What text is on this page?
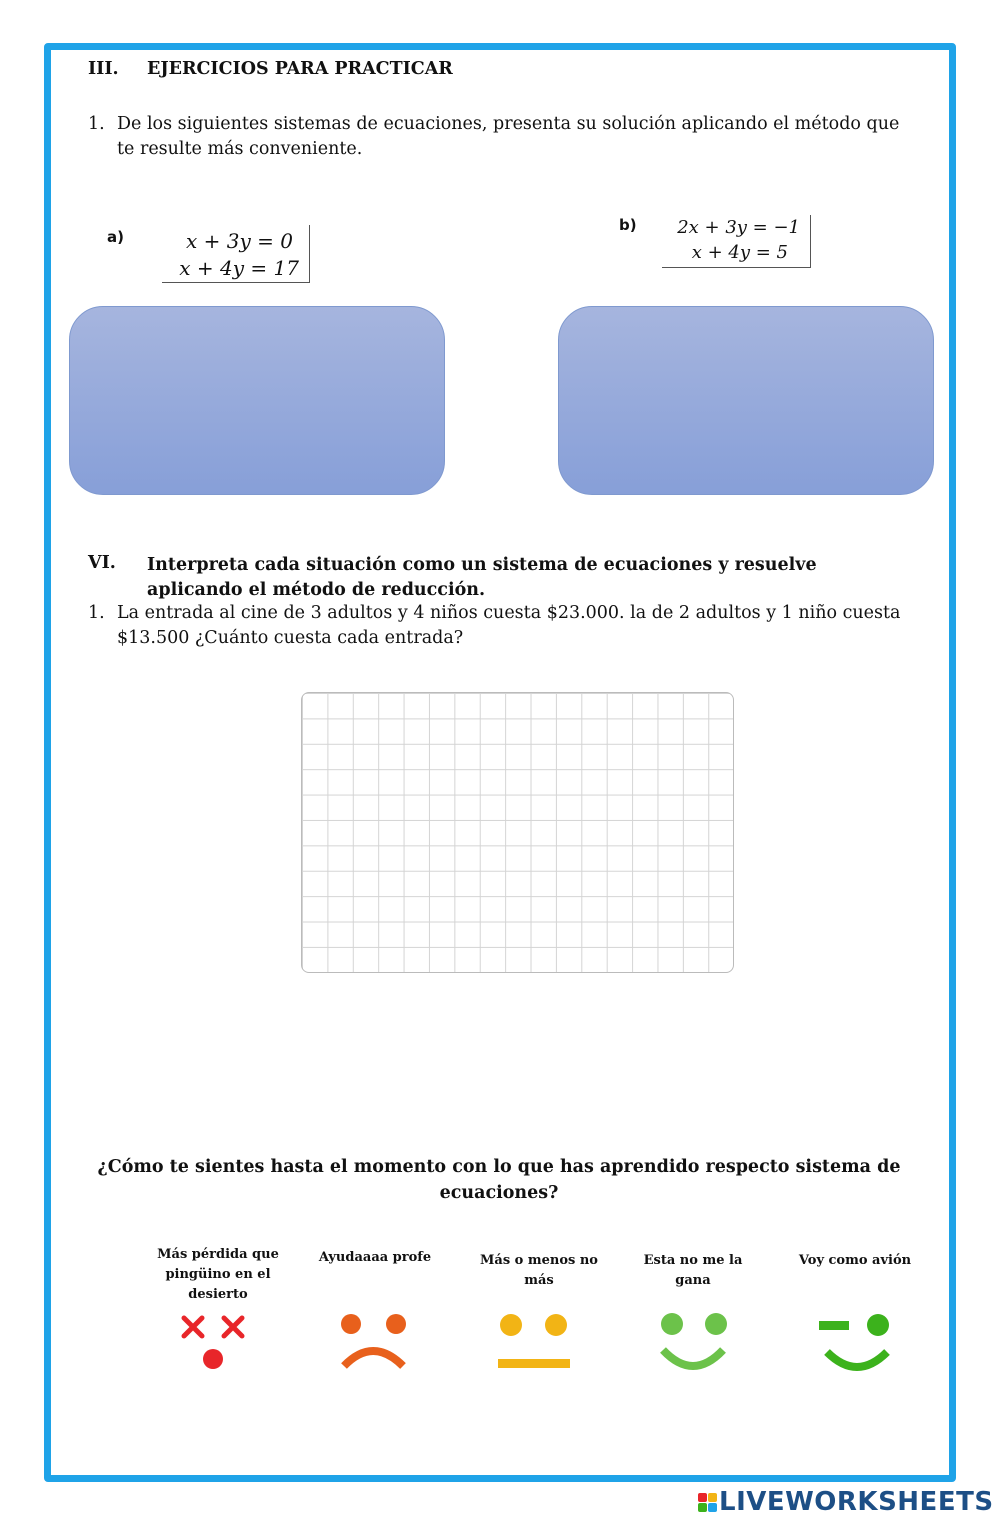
III. EJERCICIOS PARA PRACTICAR
1. De los siguientes sistemas de ecuaciones, presenta su solución aplicando el método que te resulte más conveniente.
a)	x + 3y = 0
x + 4y = 17
b) 2x + 3y = −1
x + 4y = 5
VI. Interpreta cada situación como un sistema de ecuaciones y resuelve aplicando el método de reducción.
1. La entrada al cine de 3 adultos y 4 niños cuesta $23.000. la de 2 adultos y 1 niño cuesta $13.500 ¿Cuánto cuesta cada entrada?
¿Cómo te sientes hasta el momento con lo que has aprendido respecto sistema de ecuaciones?
Más pérdida que pingüino en el desierto
Ayudaaaa profe	Más o menos no más
Esta no me la gana
Voy como avión
LIVEWORKSHEETS
